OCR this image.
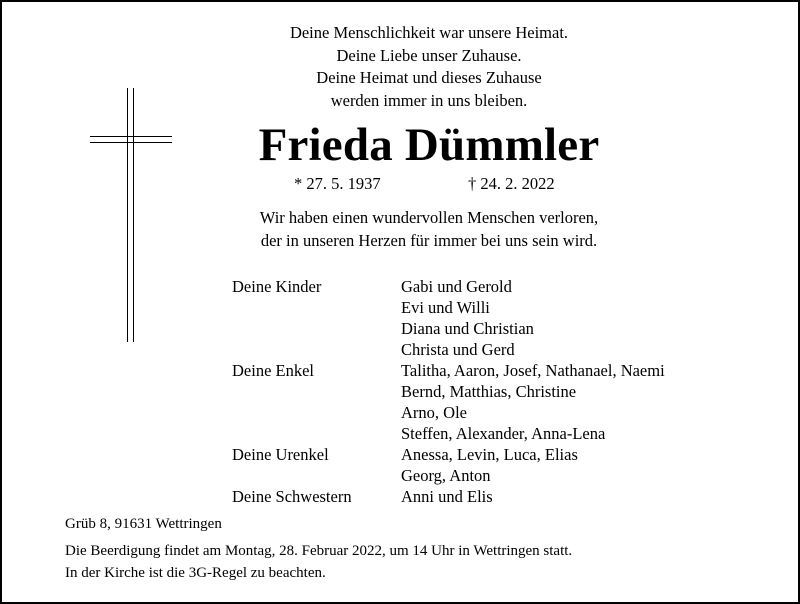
Deine Menschlichkeit war unsere Heimat.
Deine Liebe unser Zuhause.
Deine Heimat und dieses Zuhause
werden immer in uns bleiben.
Frieda Dümmler
* 27. 5. 1937	† 24. 2. 2022
Wir haben einen wundervollen Menschen verloren,
der in unseren Herzen für immer bei uns sein wird.
Deine Kinder	Gabi und Gerold
Evi und Willi
Diana und Christian
Christa und Gerd
Deine Enkel	Talitha, Aaron, Josef, Nathanael, Naemi
Bernd, Matthias, Christine
Arno, Ole
Steffen, Alexander, Anna-Lena
Deine Urenkel	Anessa, Levin, Luca, Elias
Georg, Anton
Deine Schwestern	Anni und Elis
Grüb 8, 91631 Wettringen
Die Beerdigung findet am Montag, 28. Februar 2022, um 14 Uhr in Wettringen statt.
In der Kirche ist die 3G-Regel zu beachten.
